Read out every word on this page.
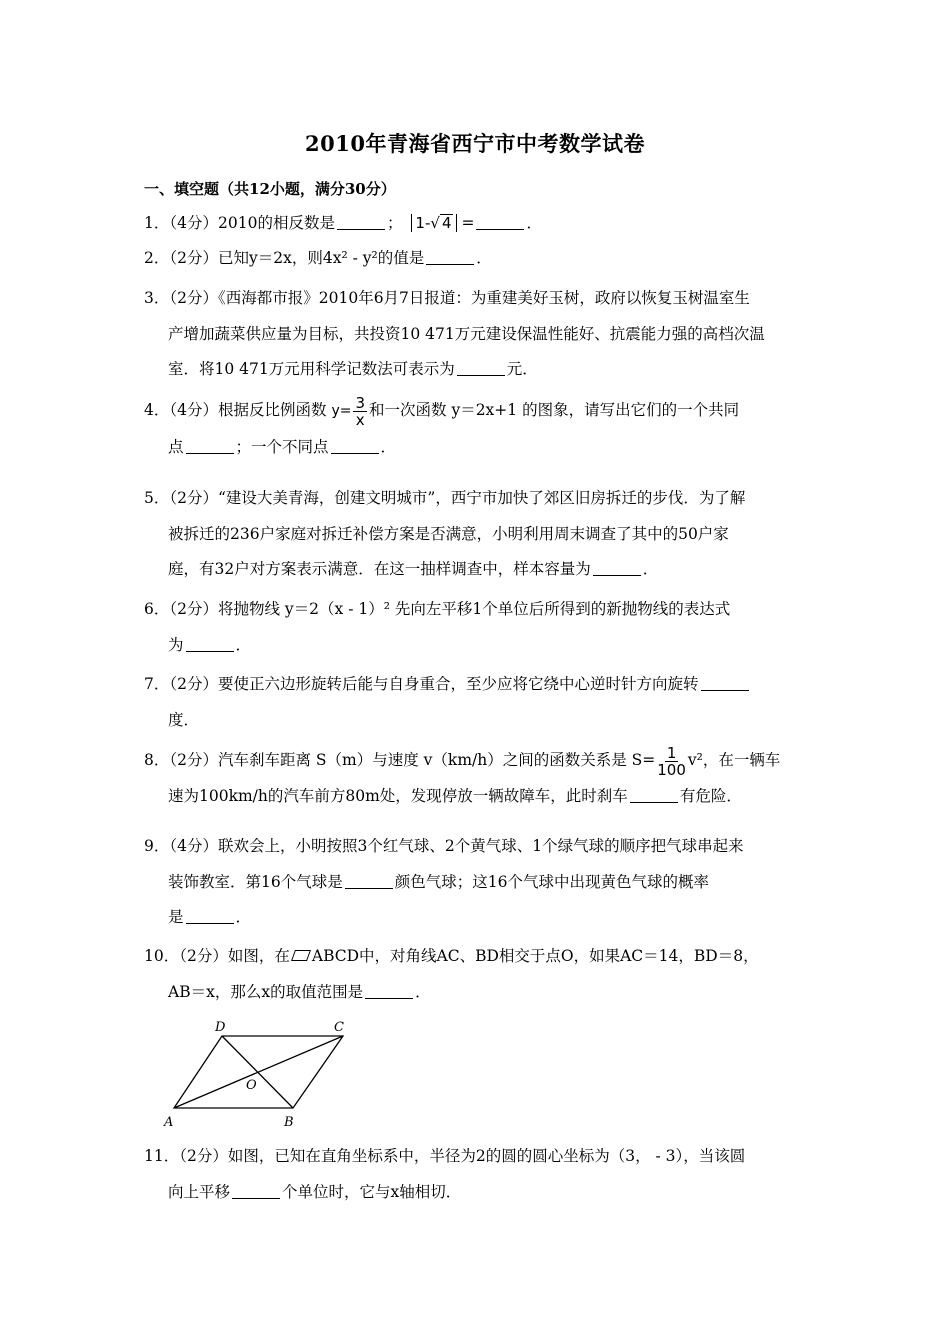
2010年青海省西宁市中考数学试卷
一、填空题（共12小题，满分30分）
1．（4分）2010的相反数是	； 1-√ 4 =	．
2．（2分）已知y＝2x，则4x² - y²的值是	．
3．（2分）《西海都市报》2010年6月7日报道：为重建美好玉树，政府以恢复玉树温室生
产增加蔬菜供应量为目标，共投资10 471万元建设保温性能好、抗震能力强的高档次温
室．将10 471万元用科学记数法可表示为	元．
4．（4分）根据反比例函数 $y= \frac{3}{x}$ 和一次函数 y＝2x+1 的图象，请写出它们的一个共同
点	；一个不同点	．
5．（2分）“建设大美青海，创建文明城市”，西宁市加快了郊区旧房拆迁的步伐．为了解
被拆迁的236户家庭对拆迁补偿方案是否满意，小明利用周末调查了其中的50户家
庭，有32户对方案表示满意．在这一抽样调查中，样本容量为	．
6．（2分）将抛物线 y＝2（x - 1）² 先向左平移1个单位后所得到的新抛物线的表达式
为	．
7．（2分）要使正六边形旋转后能与自身重合，至少应将它绕中心逆时针方向旋转
度．
8．（2分）汽车刹车距离 S（m）与速度 v（km/h）之间的函数关系是 $S= \frac{1}{100} v^2$，在一辆车
速为100km/h的汽车前方80m处，发现停放一辆故障车，此时刹车	有危险．
9．（4分）联欢会上，小明按照3个红气球、2个黄气球、1个绿气球的顺序把气球串起来
装饰教室．第16个气球是	颜色气球；这16个气球中出现黄色气球的概率
是	．
10．（2分）如图，在 ABCD中，对角线AC、BD相交于点O，如果AC＝14，BD＝8，
AB＝x，那么x的取值范围是	．
D	C
A	B
O
11．（2分）如图，已知在直角坐标系中，半径为2的圆的圆心坐标为（3， - 3），当该圆
向上平移	个单位时，它与x轴相切．
